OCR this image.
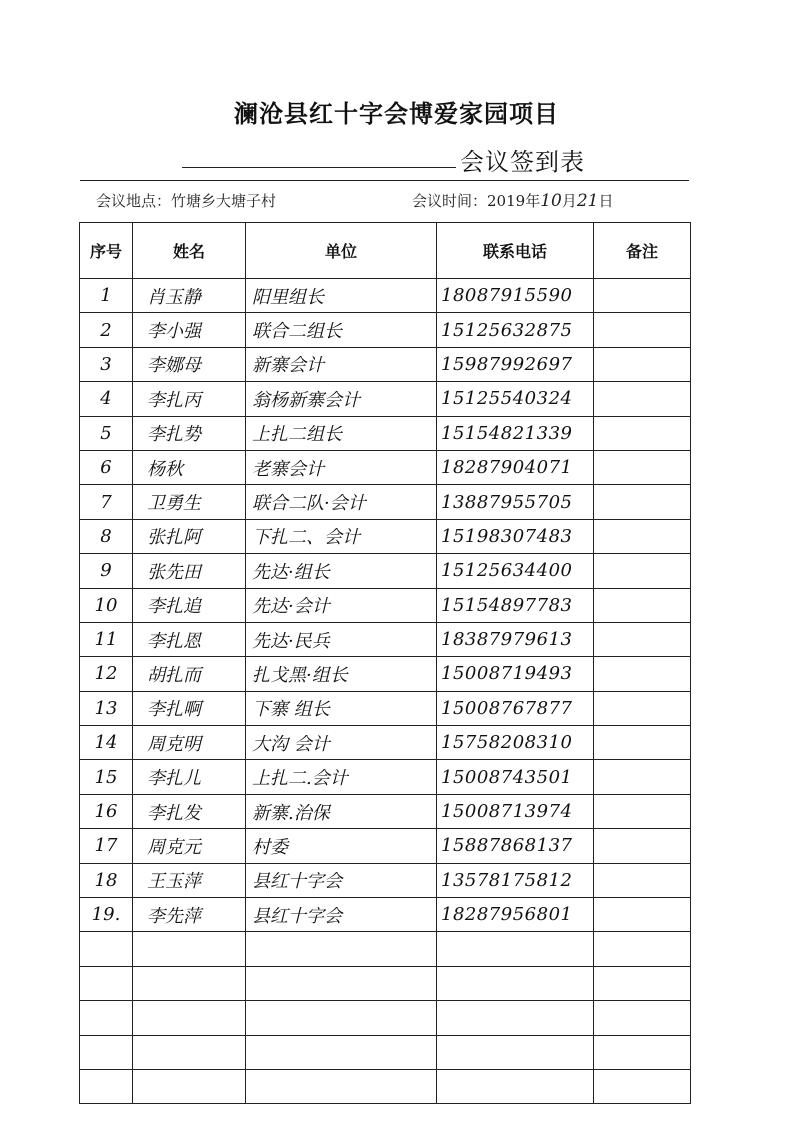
澜沧县红十字会博爱家园项目
会议签到表
会议地点：竹塘乡大塘子村	会议时间：2019年10月21日
序号	姓名	单位	联系电话	备注
1	肖玉静	阳里组长	18087915590	
2	李小强	联合二组长	15125632875	
3	李娜母	新寨会计	15987992697	
4	李扎丙	翁杨新寨会计	15125540324	
5	李扎势	上扎二组长	15154821339	
6	杨秋	老寨会计	18287904071	
7	卫勇生	联合二队·会计	13887955705	
8	张扎阿	下扎二、会计	15198307483	
9	张先田	先达·组长	15125634400	
10	李扎追	先达·会计	15154897783	
11	李扎恩	先达·民兵	18387979613	
12	胡扎而	扎戈黑·组长	15008719493	
13	李扎啊	下寨 组长	15008767877	
14	周克明	大沟 会计	15758208310	
15	李扎儿	上扎二.会计	15008743501	
16	李扎发	新寨.治保	15008713974	
17	周克元	村委	15887868137	
18	王玉萍	县红十字会	13578175812	
19.	李先萍	县红十字会	18287956801	
